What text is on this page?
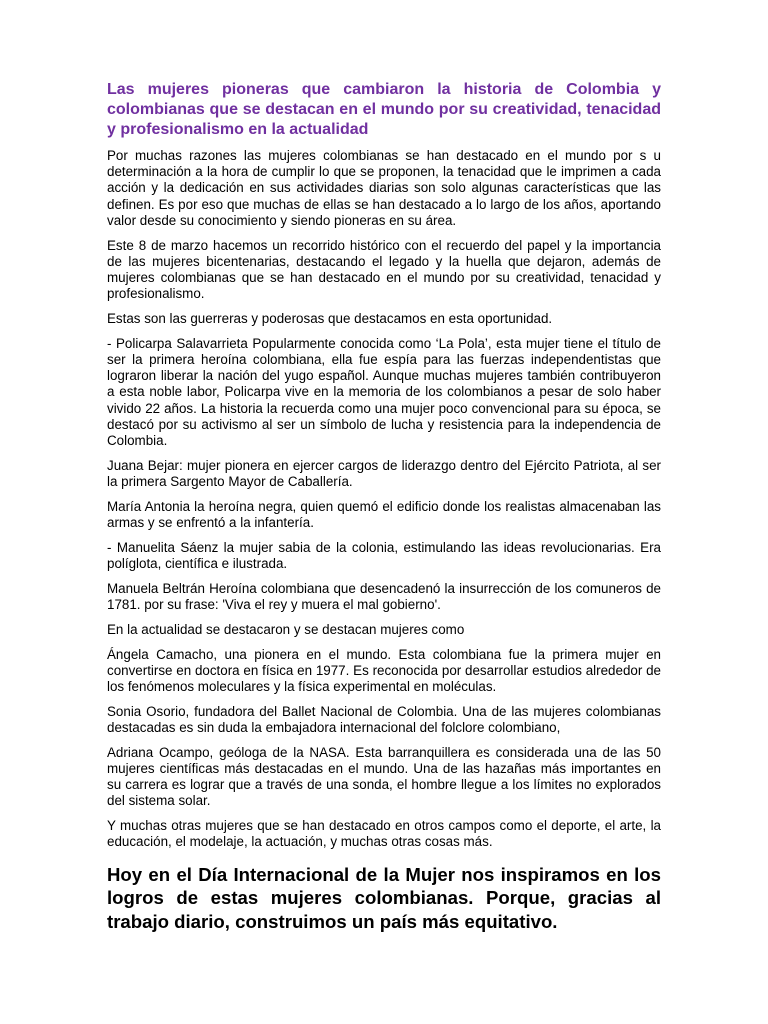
Las mujeres pioneras que cambiaron la historia de Colombia y colombianas que se destacan en el mundo por su creatividad, tenacidad y profesionalismo en la actualidad

Por muchas razones las mujeres colombianas se han destacado en el mundo por s u determinación a la hora de cumplir lo que se proponen, la tenacidad que le imprimen a cada acción y la dedicación en sus actividades diarias son solo algunas características que las definen. Es por eso que muchas de ellas se han destacado a lo largo de los años, aportando valor desde su conocimiento y siendo pioneras en su área.

Este 8 de marzo hacemos un recorrido histórico con el recuerdo del papel y la importancia de las mujeres bicentenarias, destacando el legado y la huella que dejaron, además de mujeres colombianas que se han destacado en el mundo por su creatividad, tenacidad y profesionalismo.

Estas son las guerreras y poderosas que destacamos en esta oportunidad.

- Policarpa Salavarrieta Popularmente conocida como ‘La Pola’, esta mujer tiene el título de ser la primera heroína colombiana, ella fue espía para las fuerzas independentistas que lograron liberar la nación del yugo español. Aunque muchas mujeres también contribuyeron a esta noble labor, Policarpa vive en la memoria de los colombianos a pesar de solo haber vivido 22 años. La historia la recuerda como una mujer poco convencional para su época, se destacó por su activismo al ser un símbolo de lucha y resistencia para la independencia de Colombia.

Juana Bejar: mujer pionera en ejercer cargos de liderazgo dentro del Ejército Patriota, al ser la primera Sargento Mayor de Caballería.

María Antonia la heroína negra, quien quemó el edificio donde los realistas almacenaban las armas y se enfrentó a la infantería.

- Manuelita Sáenz la mujer sabia de la colonia, estimulando las ideas revolucionarias. Era políglota, científica e ilustrada.

Manuela Beltrán Heroína colombiana que desencadenó la insurrección de los comuneros de 1781. por su frase: 'Viva el rey y muera el mal gobierno'.

En la actualidad se destacaron y se destacan mujeres como

Ángela Camacho, una pionera en el mundo. Esta colombiana fue la primera mujer en convertirse en doctora en física en 1977. Es reconocida por desarrollar estudios alrededor de los fenómenos moleculares y la física experimental en moléculas.

Sonia Osorio, fundadora del Ballet Nacional de Colombia. Una de las mujeres colombianas destacadas es sin duda la embajadora internacional del folclore colombiano,

Adriana Ocampo, geóloga de la NASA. Esta barranquillera es considerada una de las 50 mujeres científicas más destacadas en el mundo. Una de las hazañas más importantes en su carrera es lograr que a través de una sonda, el hombre llegue a los límites no explorados del sistema solar.

Y muchas otras mujeres que se han destacado en otros campos como el deporte, el arte, la educación, el modelaje, la actuación, y muchas otras cosas más.

Hoy en el Día Internacional de la Mujer nos inspiramos en los logros de estas mujeres colombianas. Porque, gracias al trabajo diario, construimos un país más equitativo.
